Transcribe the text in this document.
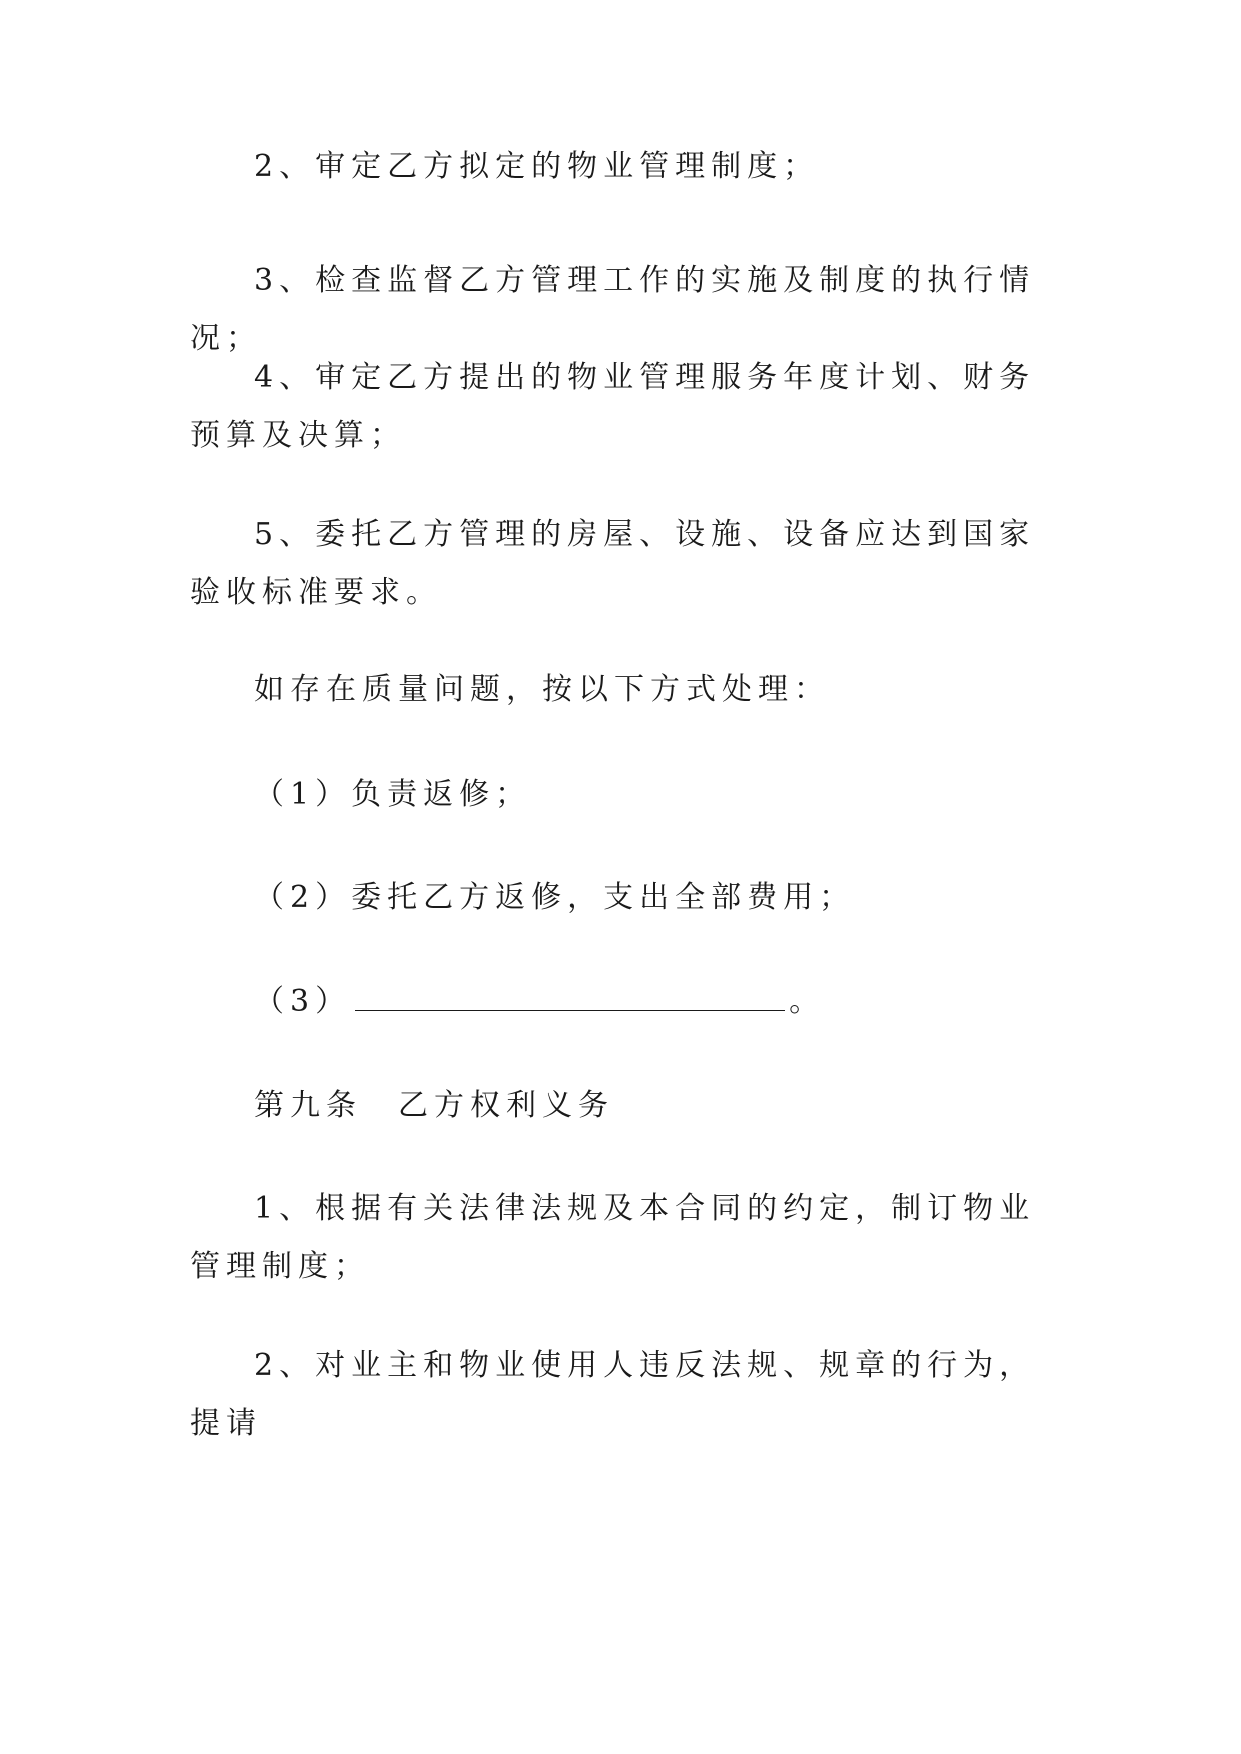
2、审定乙方拟定的物业管理制度；

3、检查监督乙方管理工作的实施及制度的执行情况；

4、审定乙方提出的物业管理服务年度计划、财务预算及决算；

5、委托乙方管理的房屋、设施、设备应达到国家验收标准要求。

如存在质量问题，按以下方式处理：

（1）负责返修；

（2）委托乙方返修，支出全部费用；

（3）	。

第九条　乙方权利义务

1、根据有关法律法规及本合同的约定，制订物业管理制度；

2、对业主和物业使用人违反法规、规章的行为，提请
